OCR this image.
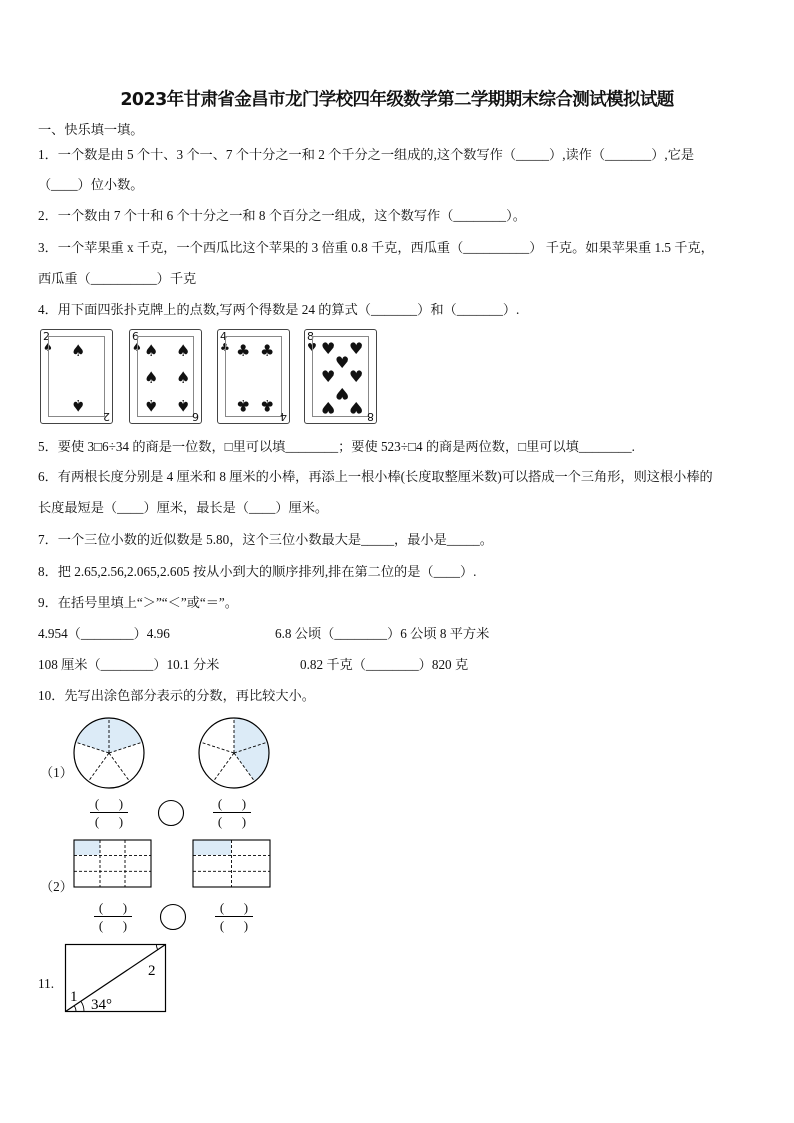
2023年甘肃省金昌市龙门学校四年级数学第二学期期末综合测试模拟试题
一、快乐填一填。
1．一个数是由 5 个十、3 个一、7 个十分之一和 2 个千分之一组成的,这个数写作（_____）,读作（_______）,它是
（____）位小数。
2．一个数由 7 个十和 6 个十分之一和 8 个百分之一组成，这个数写作（________）。
3．一个苹果重 x 千克，一个西瓜比这个苹果的 3 倍重 0.8 千克，西瓜重（__________） 千克。如果苹果重 1.5 千克，
西瓜重（__________）千克
4．用下面四张扑克牌上的点数,写两个得数是 24 的算式（_______）和（_______）.
2
♠ ♠
♠
2
6
♠ ♠ ♠
♠ ♠
♠ ♠
6
4
♣ ♣ ♣
♣ ♣
4
8
♥ ♥ ♥
♥
♥ ♥
♥
♥ ♥ 8
5．要使 3□6÷34 的商是一位数，□里可以填________；要使 523÷□4 的商是两位数，□里可以填________.
6．有两根长度分别是 4 厘米和 8 厘米的小棒，再添上一根小棒(长度取整厘米数)可以搭成一个三角形，则这根小棒的
长度最短是（____）厘米，最长是（____）厘米。
7．一个三位小数的近似数是 5.80，这个三位小数最大是_____，最小是_____。
8．把 2.65,2.56,2.065,2.605 按从小到大的顺序排列,排在第二位的是（____）.
9．在括号里填上“＞”“＜”或“＝”。
4.954（________）4.96	6.8 公顷（________）6 公顷 8 平方米
108 厘米（________）10.1 分米	0.82 千克（________）820 克
10．先写出涂色部分表示的分数，再比较大小。
（1）
（2）
( )
( )
( )
( )
( )
( )
( )
( )
11.
1
2
34°
